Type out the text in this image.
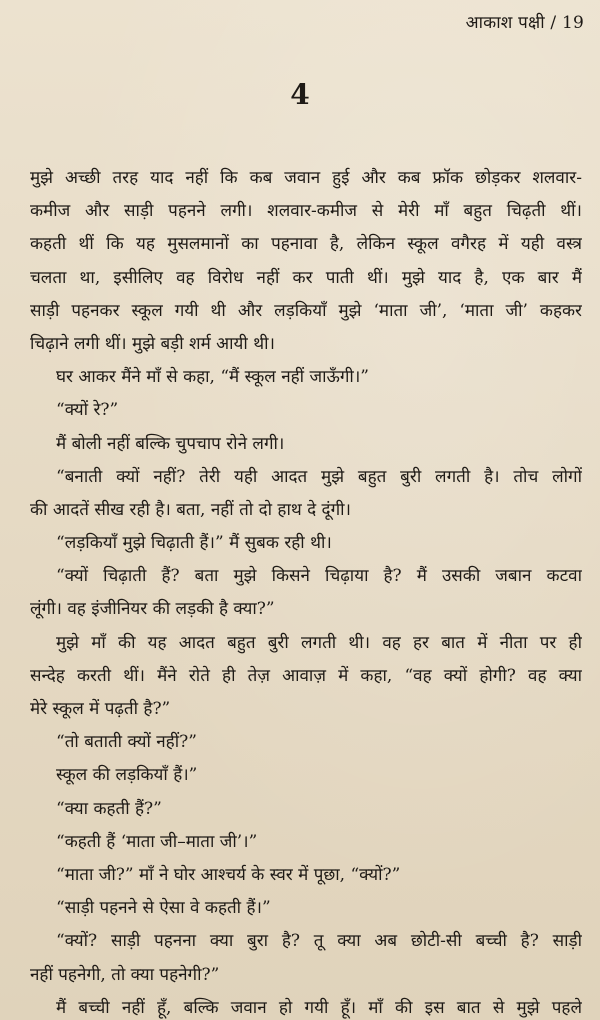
आकाश पक्षी / 19
4
मुझे अच्छी तरह याद नहीं कि कब जवान हुई और कब फ्रॉक छोड़कर शलवार-
कमीज और साड़ी पहनने लगी। शलवार-कमीज से मेरी माँ बहुत चिढ़ती थीं।
कहती थीं कि यह मुसलमानों का पहनावा है, लेकिन स्कूल वगैरह में यही वस्त्र
चलता था, इसीलिए वह विरोध नहीं कर पाती थीं। मुझे याद है, एक बार मैं
साड़ी पहनकर स्कूल गयी थी और लड़कियाँ मुझे ‘माता जी’, ‘माता जी’ कहकर
चिढ़ाने लगी थीं। मुझे बड़ी शर्म आयी थी।
घर आकर मैंने माँ से कहा, “मैं स्कूल नहीं जाऊँगी।”
“क्यों रे?”
मैं बोली नहीं बल्कि चुपचाप रोने लगी।
“बनाती क्यों नहीं? तेरी यही आदत मुझे बहुत बुरी लगती है। तोच लोगों
की आदतें सीख रही है। बता, नहीं तो दो हाथ दे दूंगी।
“लड़कियाँ मुझे चिढ़ाती हैं।” मैं सुबक रही थी।
“क्यों चिढ़ाती हैं? बता मुझे किसने चिढ़ाया है? मैं उसकी जबान कटवा
लूंगी। वह इंजीनियर की लड़की है क्या?”
मुझे माँ की यह आदत बहुत बुरी लगती थी। वह हर बात में नीता पर ही
सन्देह करती थीं। मैंने रोते ही तेज़ आवाज़ में कहा, “वह क्यों होगी? वह क्या
मेरे स्कूल में पढ़ती है?”
“तो बताती क्यों नहीं?”
स्कूल की लड़कियाँ हैं।”
“क्या कहती हैं?”
“कहती हैं ‘माता जी–माता जी’।”
“माता जी?” माँ ने घोर आश्चर्य के स्वर में पूछा, “क्यों?”
“साड़ी पहनने से ऐसा वे कहती हैं।”
“क्यों? साड़ी पहनना क्या बुरा है? तू क्या अब छोटी-सी बच्ची है? साड़ी
नहीं पहनेगी, तो क्या पहनेगी?”
मैं बच्ची नहीं हूँ, बल्कि जवान हो गयी हूँ। माँ की इस बात से मुझे पहले
